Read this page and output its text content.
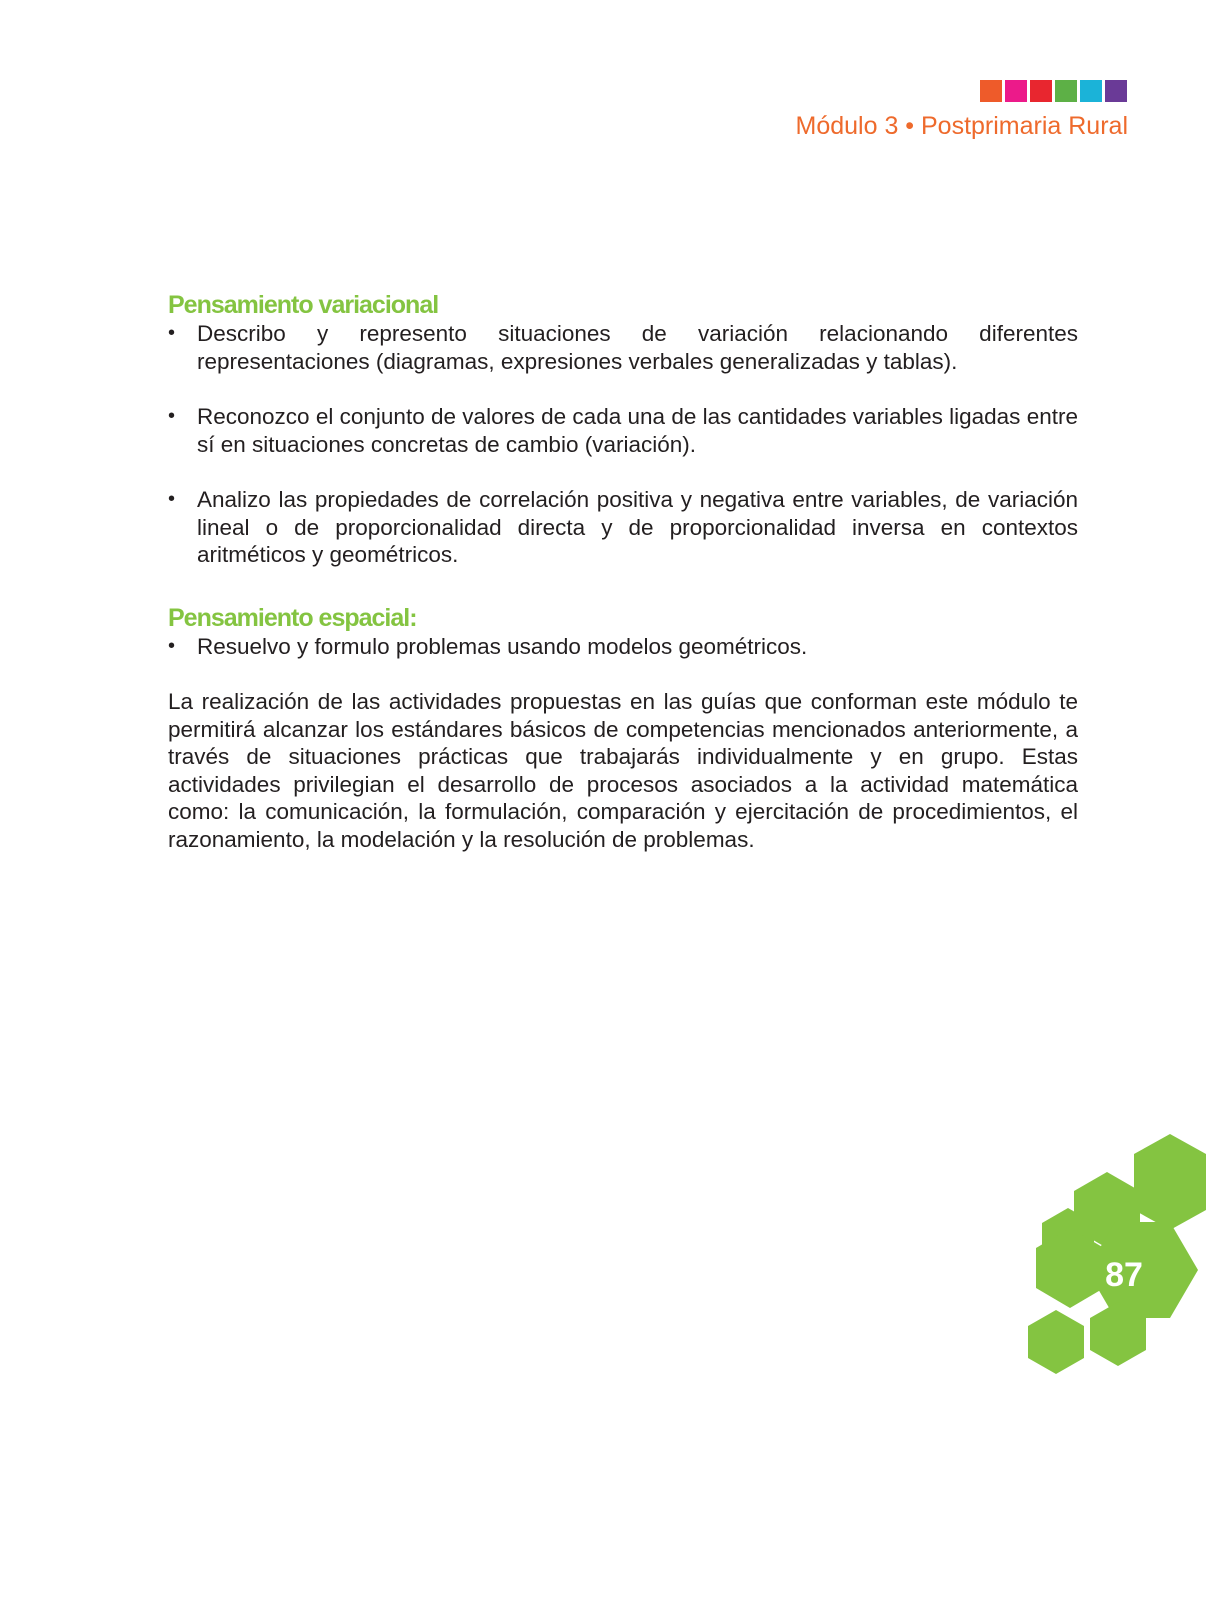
Módulo 3 • Postprimaria Rural
Pensamiento variacional
• Describo y represento situaciones de variación relacionando diferentes representaciones (diagramas, expresiones verbales generalizadas y tablas).
• Reconozco el conjunto de valores de cada una de las cantidades variables ligadas entre sí en situaciones concretas de cambio (variación).
• Analizo las propiedades de correlación positiva y negativa entre variables, de variación lineal o de proporcionalidad directa y de proporcionalidad inversa en contextos aritméticos y geométricos.
Pensamiento espacial:
• Resuelvo y formulo problemas usando modelos geométricos.

La realización de las actividades propuestas en las guías que conforman este módulo te permitirá alcanzar los estándares básicos de competencias mencionados anteriormente, a través de situaciones prácticas que trabajarás individualmente y en grupo. Estas actividades privilegian el desarrollo de procesos asociados a la actividad matemática como: la comunicación, la formulación, comparación y ejercitación de procedimientos, el razonamiento, la modelación y la resolución de problemas.

87
